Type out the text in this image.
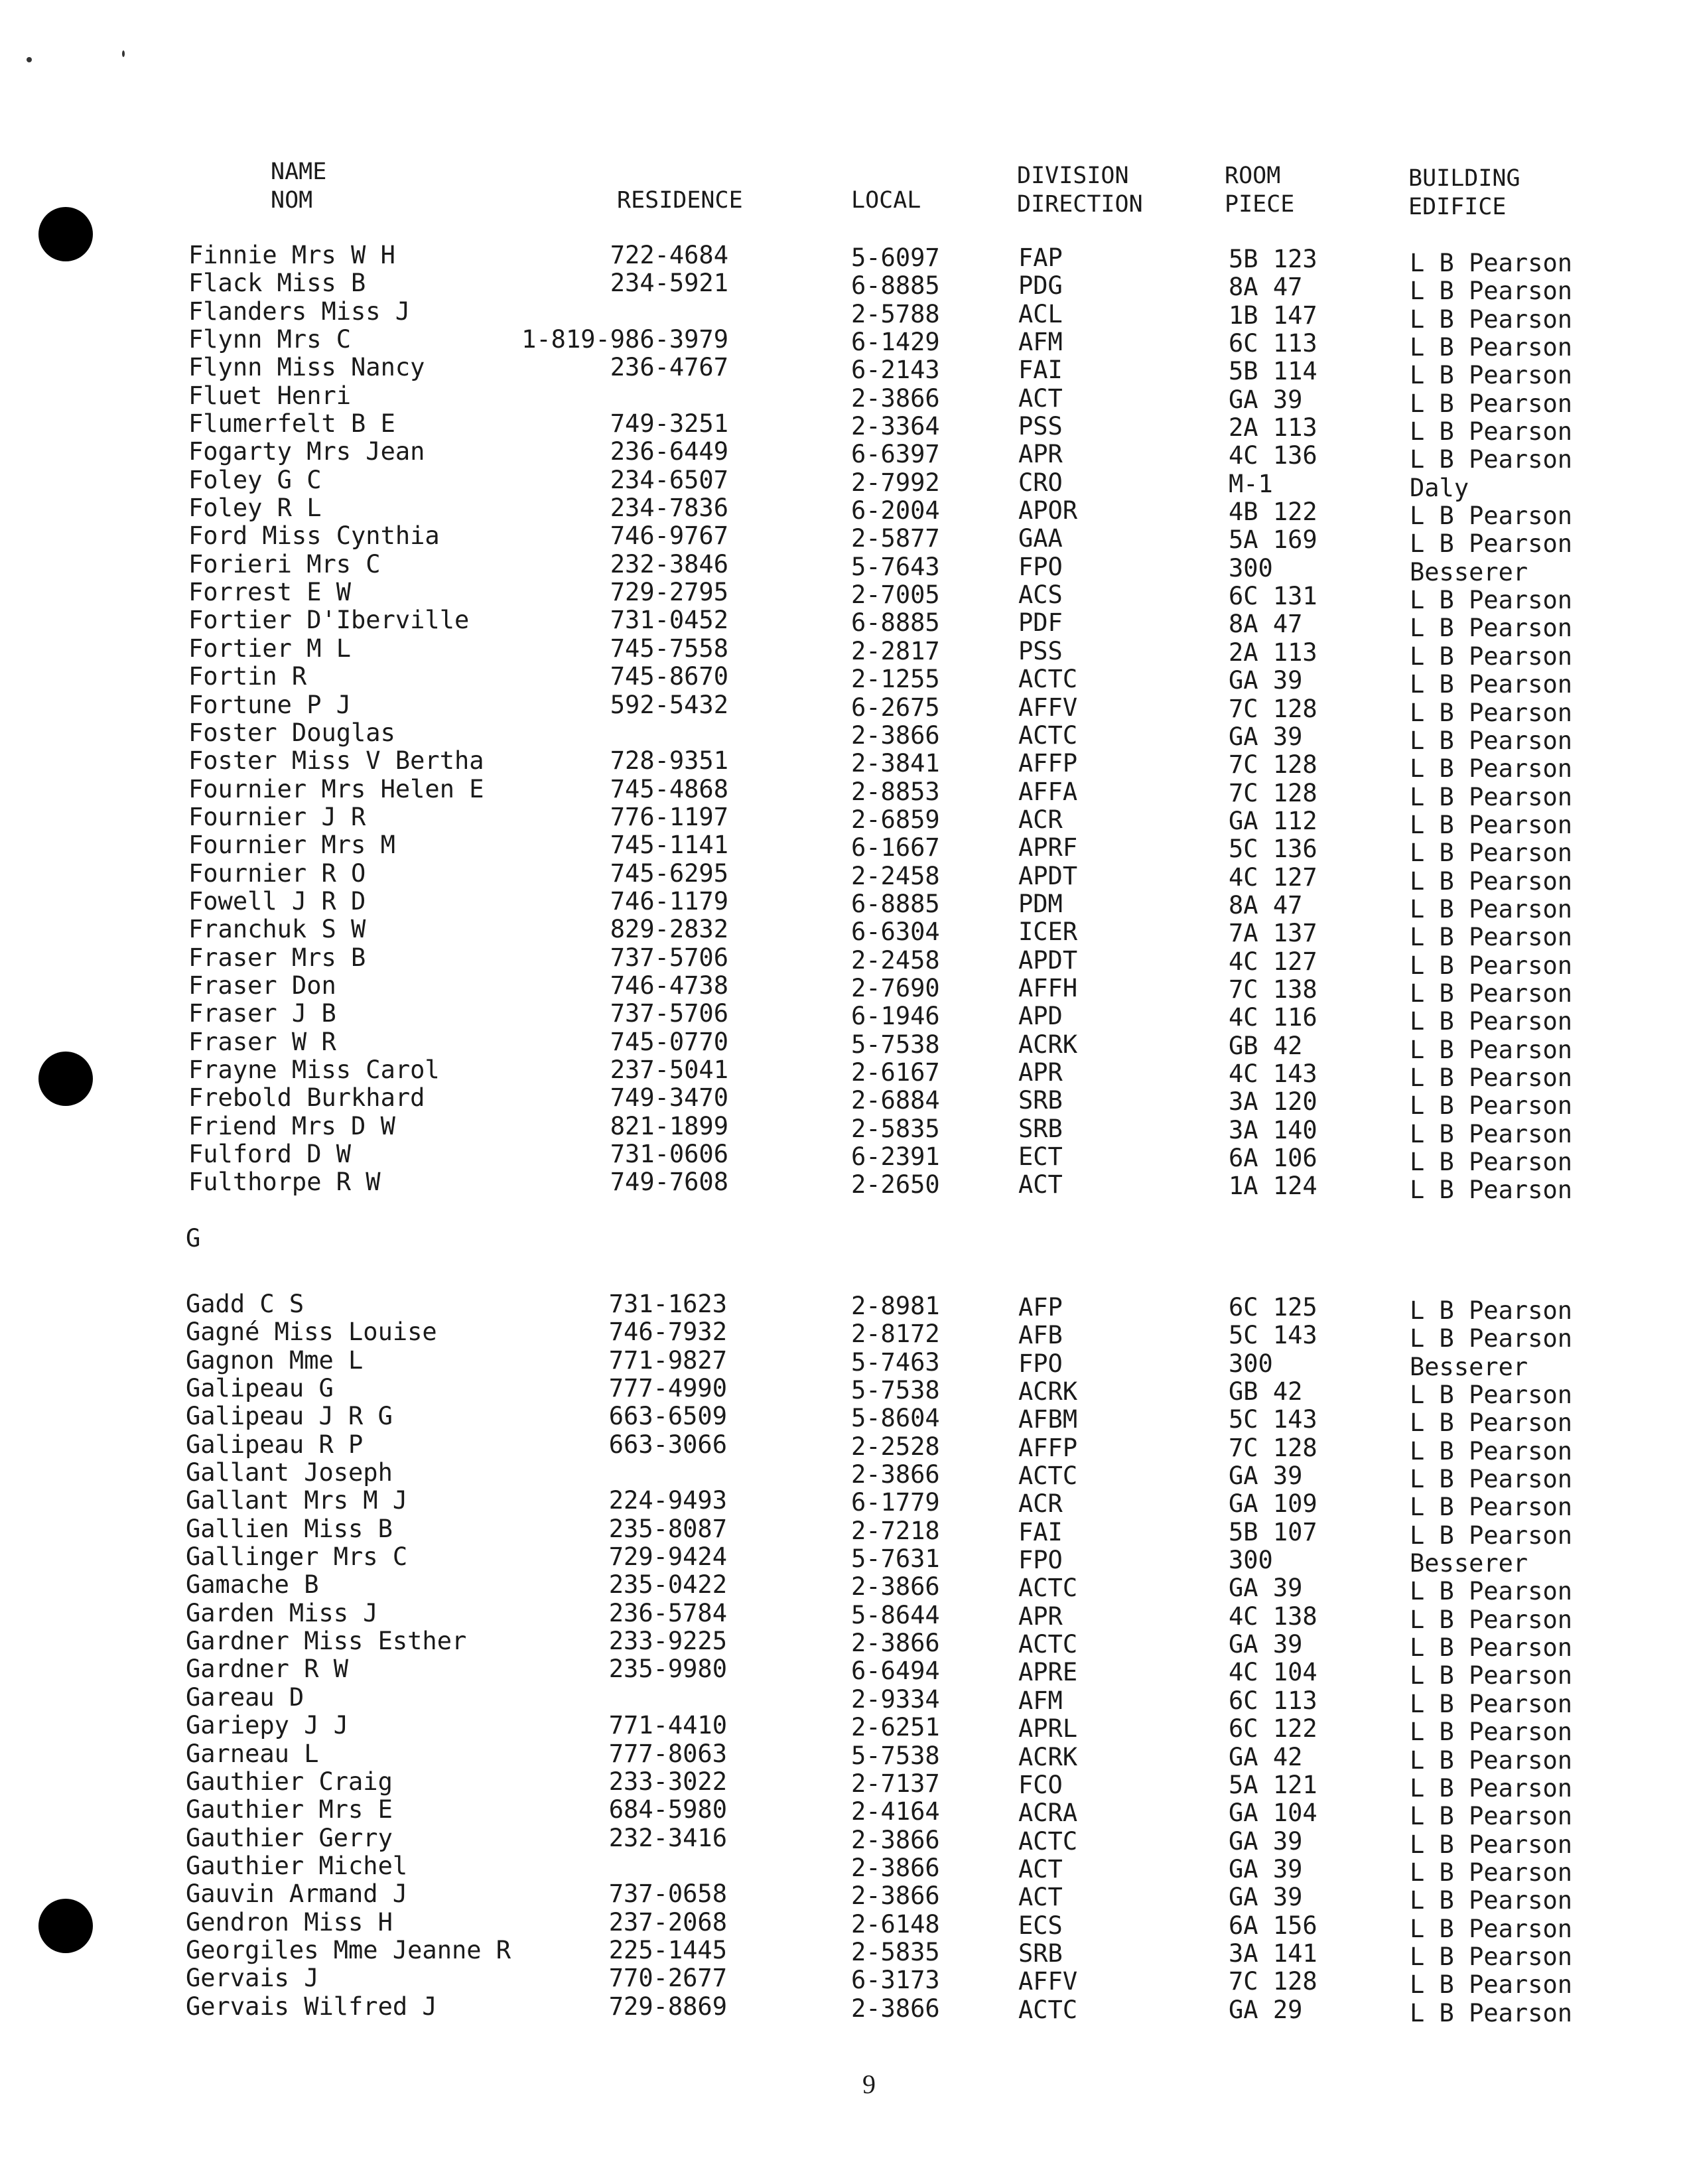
NAME
NOM	RESIDENCE	LOCAL
DIVISION
DIRECTION
ROOM
PIECE
BUILDING
EDIFICE
Finnie Mrs W H
Flack Miss B
Flanders Miss J
Flynn Mrs C
Flynn Miss Nancy
Fluet Henri
Flumerfelt B E
Fogarty Mrs Jean
Foley G C
Foley R L
Ford Miss Cynthia
Forieri Mrs C
Forrest E W
Fortier D'Iberville
Fortier M L
Fortin R
Fortune P J
Foster Douglas
Foster Miss V Bertha
Fournier Mrs Helen E
Fournier J R
Fournier Mrs M
Fournier R O
Fowell J R D
Franchuk S W
Fraser Mrs B
Fraser Don
Fraser J B
Fraser W R
Frayne Miss Carol
Frebold Burkhard
Friend Mrs D W
Fulford D W
Fulthorpe R W
722-4684
234-5921
1-819-986-3979
236-4767
749-3251
236-6449
234-6507
234-7836
746-9767
232-3846
729-2795
731-0452
745-7558
745-8670
592-5432
728-9351
745-4868
776-1197
745-1141
745-6295
746-1179
829-2832
737-5706
746-4738
737-5706
745-0770
237-5041
749-3470
821-1899
731-0606
749-7608
5-6097
6-8885
2-5788
6-1429
6-2143
2-3866
2-3364
6-6397
2-7992
6-2004
2-5877
5-7643
2-7005
6-8885
2-2817
2-1255
6-2675
2-3866
2-3841
2-8853
2-6859
6-1667
2-2458
6-8885
6-6304
2-2458
2-7690
6-1946
5-7538
2-6167
2-6884
2-5835
6-2391
2-2650
FAP
PDG
ACL
AFM
FAI
ACT
PSS
APR
CRO
APOR
GAA
FPO
ACS
PDF
PSS
ACTC
AFFV
ACTC
AFFP
AFFA
ACR
APRF
APDT
PDM
ICER
APDT
AFFH
APD
ACRK
APR
SRB
SRB
ECT
ACT
5B 123
8A 47
1B 147
6C 113
5B 114
GA 39
2A 113
4C 136
M-1
4B 122
5A 169
300
6C 131
8A 47
2A 113
GA 39
7C 128
GA 39
7C 128
7C 128
GA 112
5C 136
4C 127
8A 47
7A 137
4C 127
7C 138
4C 116
GB 42
4C 143
3A 120
3A 140
6A 106
1A 124
L B Pearson
L B Pearson
L B Pearson
L B Pearson
L B Pearson
L B Pearson
L B Pearson
L B Pearson
Daly
L B Pearson
L B Pearson
Besserer
L B Pearson
L B Pearson
L B Pearson
L B Pearson
L B Pearson
L B Pearson
L B Pearson
L B Pearson
L B Pearson
L B Pearson
L B Pearson
L B Pearson
L B Pearson
L B Pearson
L B Pearson
L B Pearson
L B Pearson
L B Pearson
L B Pearson
L B Pearson
L B Pearson
L B Pearson
G
Gadd C S
Gagné Miss Louise
Gagnon Mme L
Galipeau G
Galipeau J R G
Galipeau R P
Gallant Joseph
Gallant Mrs M J
Gallien Miss B
Gallinger Mrs C
Gamache B
Garden Miss J
Gardner Miss Esther
Gardner R W
Gareau D
Gariepy J J
Garneau L
Gauthier Craig
Gauthier Mrs E
Gauthier Gerry
Gauthier Michel
Gauvin Armand J
Gendron Miss H
Georgiles Mme Jeanne R
Gervais J
Gervais Wilfred J
731-1623
746-7932
771-9827
777-4990
663-6509
663-3066
224-9493
235-8087
729-9424
235-0422
236-5784
233-9225
235-9980
771-4410
777-8063
233-3022
684-5980
232-3416
737-0658
237-2068
225-1445
770-2677
729-8869
2-8981
2-8172
5-7463
5-7538
5-8604
2-2528
2-3866
6-1779
2-7218
5-7631
2-3866
5-8644
2-3866
6-6494
2-9334
2-6251
5-7538
2-7137
2-4164
2-3866
2-3866
2-3866
2-6148
2-5835
6-3173
2-3866
AFP
AFB
FPO
ACRK
AFBM
AFFP
ACTC
ACR
FAI
FPO
ACTC
APR
ACTC
APRE
AFM
APRL
ACRK
FCO
ACRA
ACTC
ACT
ACT
ECS
SRB
AFFV
ACTC
6C 125
5C 143
300
GB 42
5C 143
7C 128
GA 39
GA 109
5B 107
300
GA 39
4C 138
GA 39
4C 104
6C 113
6C 122
GA 42
5A 121
GA 104
GA 39
GA 39
GA 39
6A 156
3A 141
7C 128
GA 29
L B Pearson
L B Pearson
Besserer
L B Pearson
L B Pearson
L B Pearson
L B Pearson
L B Pearson
L B Pearson
Besserer
L B Pearson
L B Pearson
L B Pearson
L B Pearson
L B Pearson
L B Pearson
L B Pearson
L B Pearson
L B Pearson
L B Pearson
L B Pearson
L B Pearson
L B Pearson
L B Pearson
L B Pearson
L B Pearson
9
